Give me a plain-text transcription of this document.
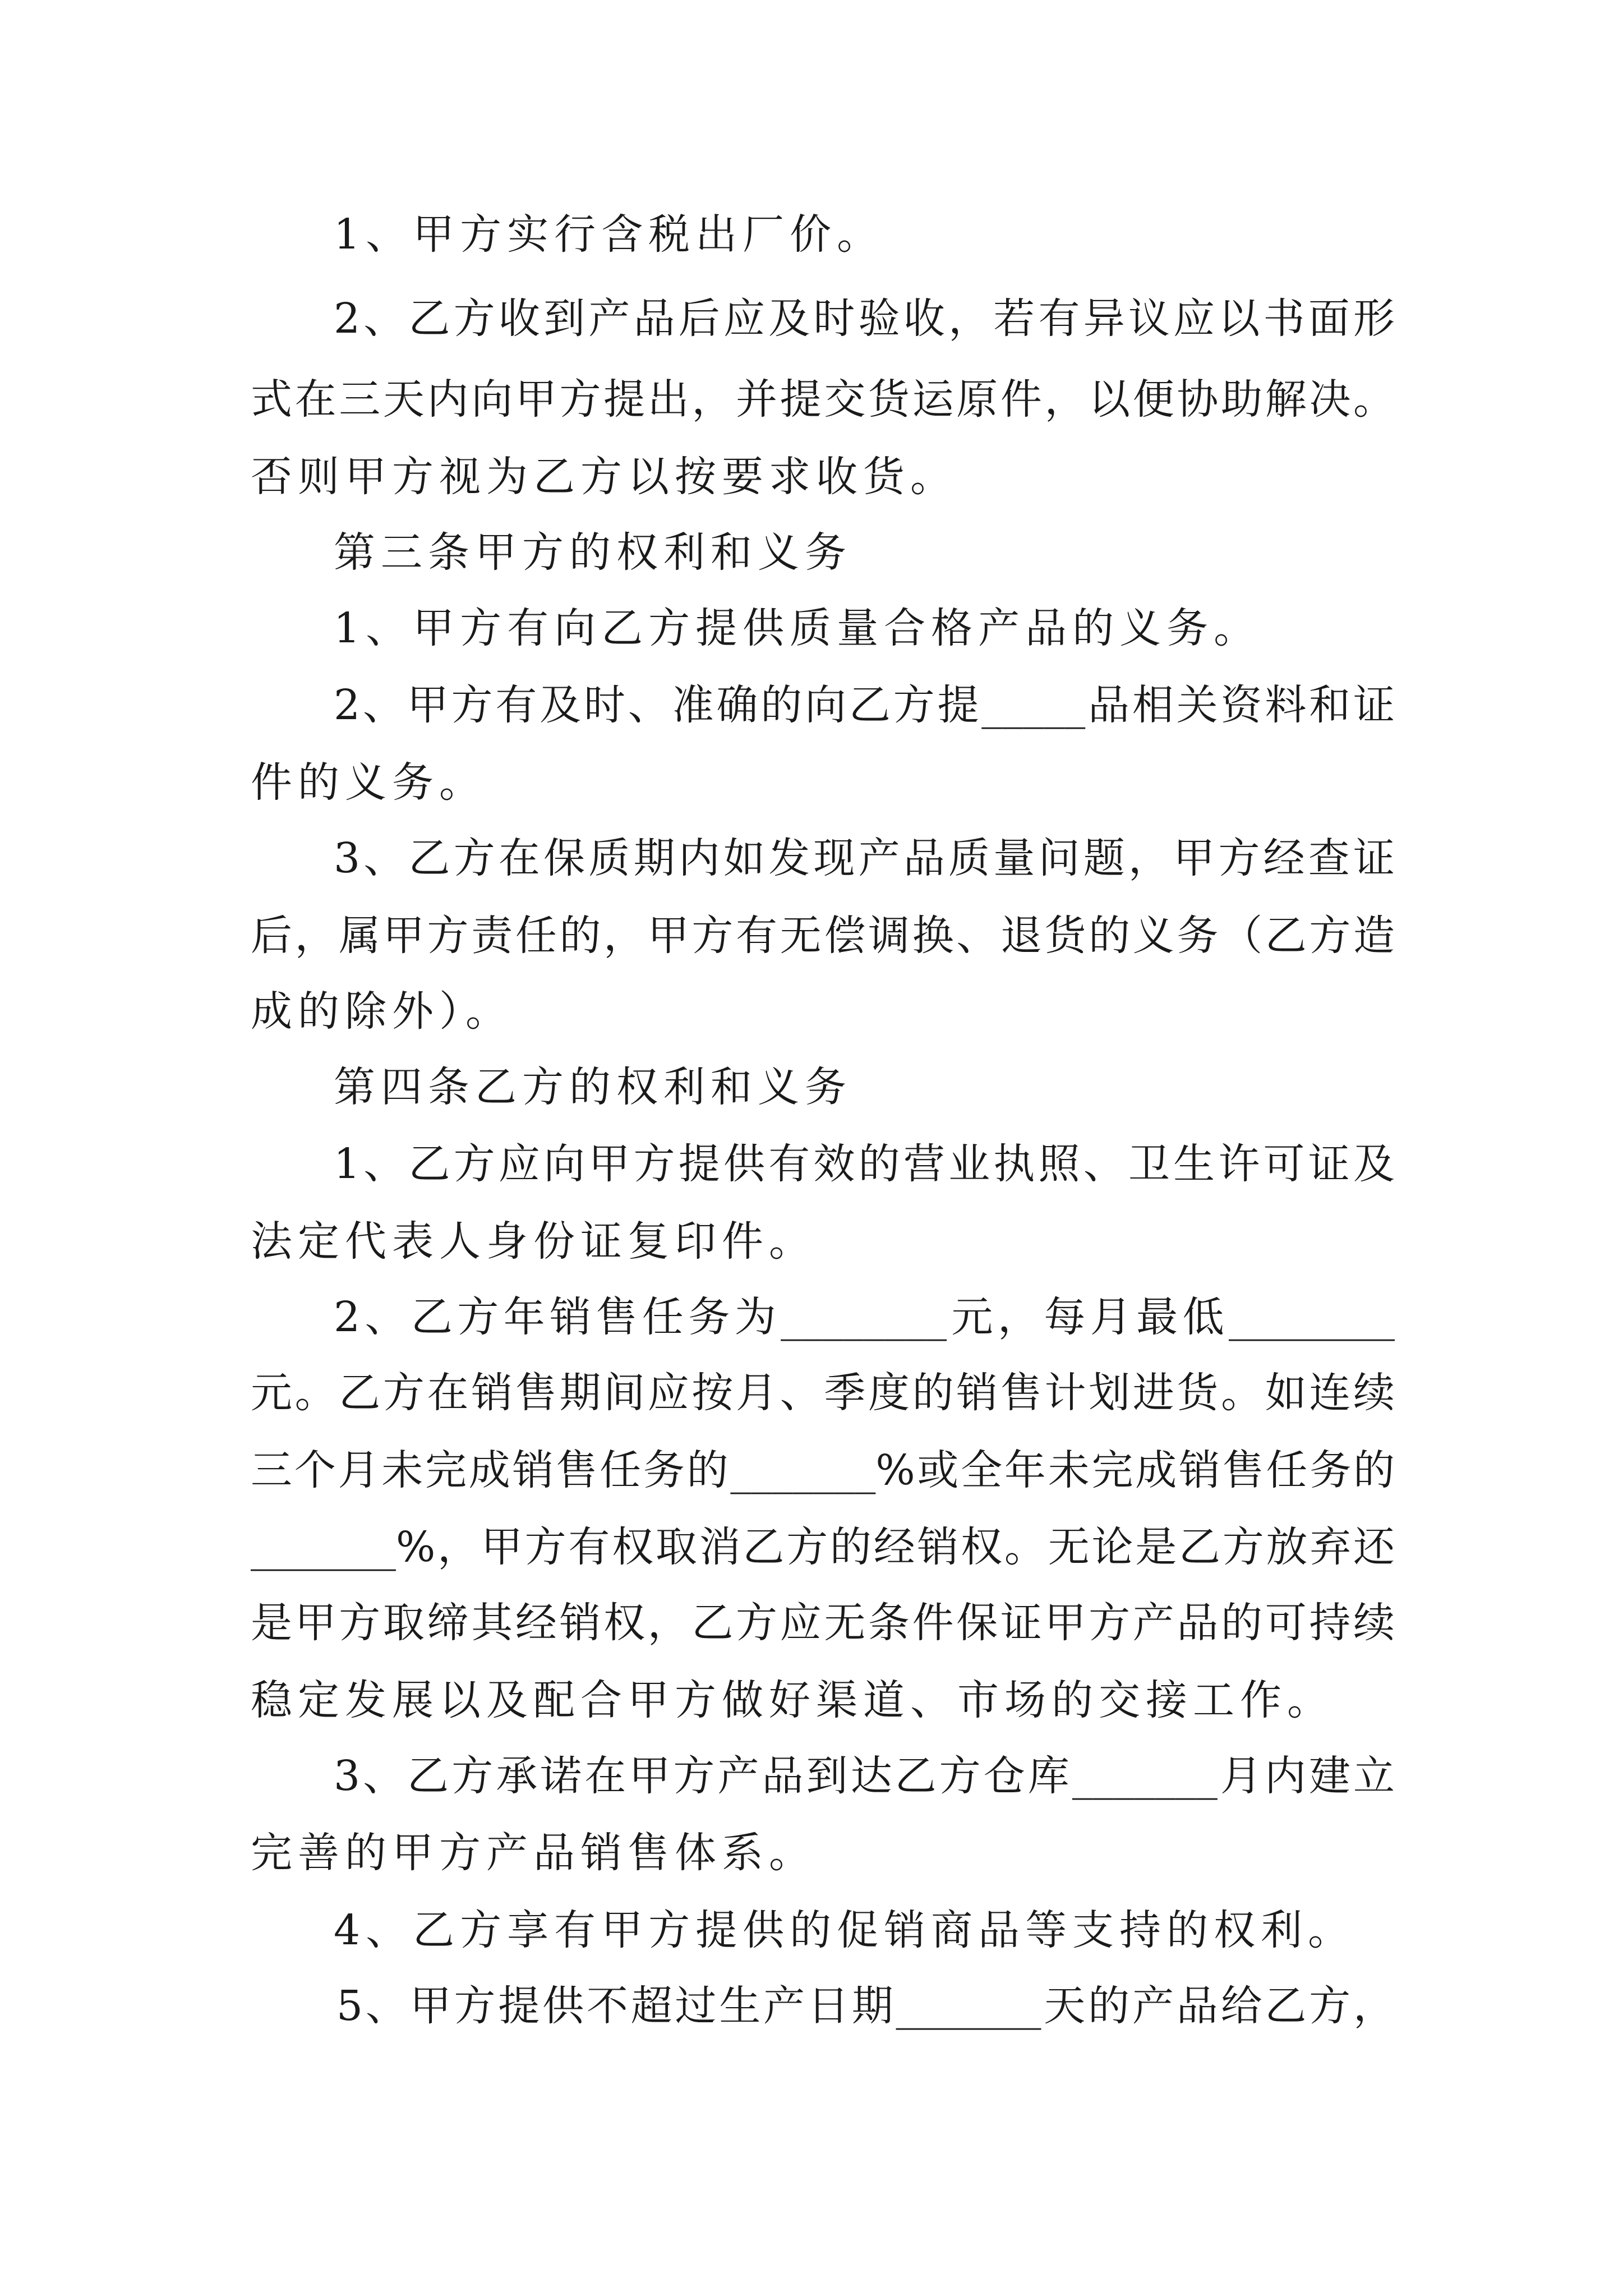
1、甲方实行含税出厂价。
2、乙方收到产品后应及时验收，若有异议应以书面形
式在三天内向甲方提出，并提交货运原件，以便协助解决。
否则甲方视为乙方以按要求收货。
第三条甲方的权利和义务
1、甲方有向乙方提供质量合格产品的义务。
2、甲方有及时、准确的向乙方提_____品相关资料和证
件的义务。
3、乙方在保质期内如发现产品质量问题，甲方经查证
后，属甲方责任的，甲方有无偿调换、退货的义务（乙方造
成的除外）。
第四条乙方的权利和义务
1、乙方应向甲方提供有效的营业执照、卫生许可证及
法定代表人身份证复印件。
2、乙方年销售任务为________元，每月最低________
元。乙方在销售期间应按月、季度的销售计划进货。如连续
三个月未完成销售任务的_______%或全年未完成销售任务的
_______%，甲方有权取消乙方的经销权。无论是乙方放弃还
是甲方取缔其经销权，乙方应无条件保证甲方产品的可持续
稳定发展以及配合甲方做好渠道、市场的交接工作。
3、乙方承诺在甲方产品到达乙方仓库_______月内建立
完善的甲方产品销售体系。
4、乙方享有甲方提供的促销商品等支持的权利。
5、甲方提供不超过生产日期_______天的产品给乙方，
